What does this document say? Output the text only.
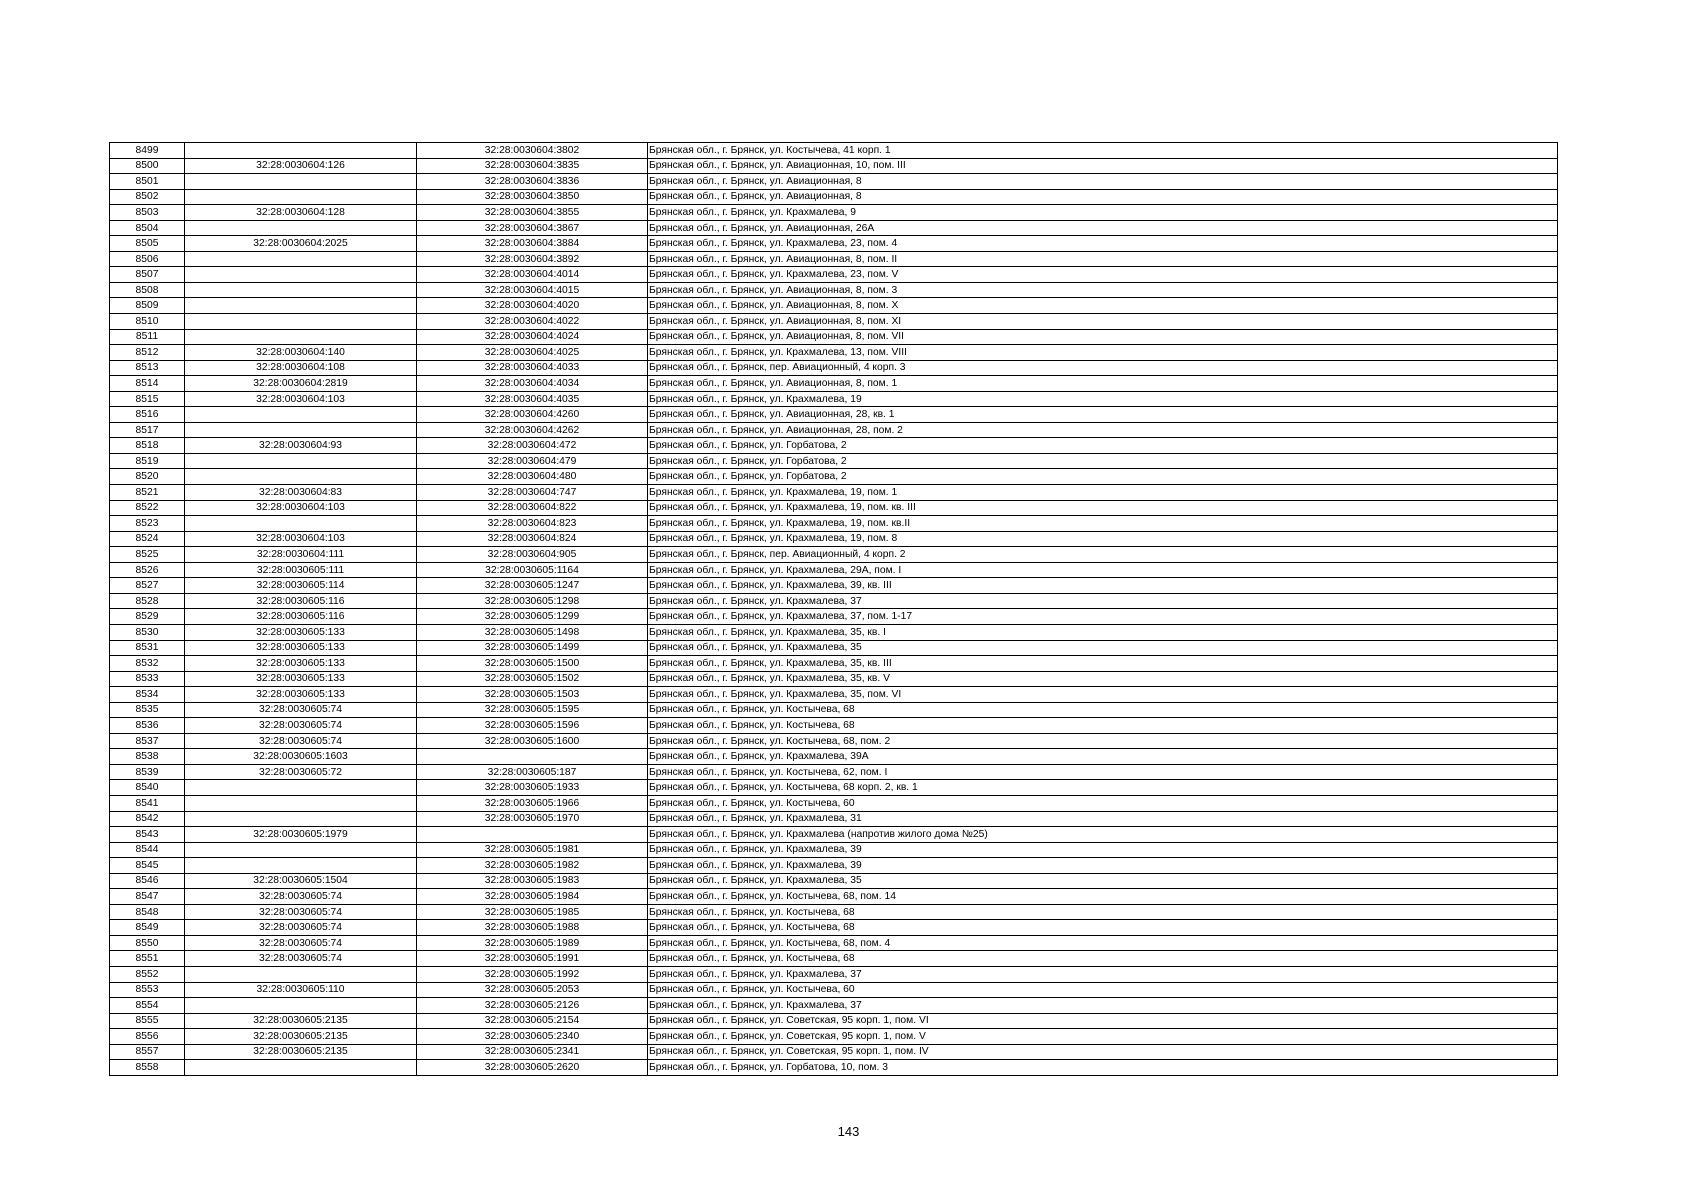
8499		32:28:0030604:3802	Брянская обл., г. Брянск, ул. Костычева, 41 корп. 1
8500	32:28:0030604:126	32:28:0030604:3835	Брянская обл., г. Брянск, ул. Авиационная, 10, пом. III
8501		32:28:0030604:3836	Брянская обл., г. Брянск, ул. Авиационная, 8
8502		32:28:0030604:3850	Брянская обл., г. Брянск, ул. Авиационная, 8
8503	32:28:0030604:128	32:28:0030604:3855	Брянская обл., г. Брянск, ул. Крахмалева, 9
8504		32:28:0030604:3867	Брянская обл., г. Брянск, ул. Авиационная, 26А
8505	32:28:0030604:2025	32:28:0030604:3884	Брянская обл., г. Брянск, ул. Крахмалева, 23, пом. 4
8506		32:28:0030604:3892	Брянская обл., г. Брянск, ул. Авиационная, 8, пом. II
8507		32:28:0030604:4014	Брянская обл., г. Брянск, ул. Крахмалева, 23, пом. V
8508		32:28:0030604:4015	Брянская обл., г. Брянск, ул. Авиационная, 8, пом. 3
8509		32:28:0030604:4020	Брянская обл., г. Брянск, ул. Авиационная, 8, пом. X
8510		32:28:0030604:4022	Брянская обл., г. Брянск, ул. Авиационная, 8, пом. XI
8511		32:28:0030604:4024	Брянская обл., г. Брянск, ул. Авиационная, 8, пом. VII
8512	32:28:0030604:140	32:28:0030604:4025	Брянская обл., г. Брянск, ул. Крахмалева, 13, пом. VIII
8513	32:28:0030604:108	32:28:0030604:4033	Брянская обл., г. Брянск, пер. Авиационный, 4 корп. 3
8514	32:28:0030604:2819	32:28:0030604:4034	Брянская обл., г. Брянск, ул. Авиационная, 8, пом. 1
8515	32:28:0030604:103	32:28:0030604:4035	Брянская обл., г. Брянск, ул. Крахмалева, 19
8516		32:28:0030604:4260	Брянская обл., г. Брянск, ул. Авиационная, 28, кв. 1
8517		32:28:0030604:4262	Брянская обл., г. Брянск, ул. Авиационная, 28, пом. 2
8518	32:28:0030604:93	32:28:0030604:472	Брянская обл., г. Брянск, ул. Горбатова, 2
8519		32:28:0030604:479	Брянская обл., г. Брянск, ул. Горбатова, 2
8520		32:28:0030604:480	Брянская обл., г. Брянск, ул. Горбатова, 2
8521	32:28:0030604:83	32:28:0030604:747	Брянская обл., г. Брянск, ул. Крахмалева, 19, пом. 1
8522	32:28:0030604:103	32:28:0030604:822	Брянская обл., г. Брянск, ул. Крахмалева, 19, пом. кв. III
8523		32:28:0030604:823	Брянская обл., г. Брянск, ул. Крахмалева, 19, пом. кв.II
8524	32:28:0030604:103	32:28:0030604:824	Брянская обл., г. Брянск, ул. Крахмалева, 19, пом. 8
8525	32:28:0030604:111	32:28:0030604:905	Брянская обл., г. Брянск, пер. Авиационный, 4 корп. 2
8526	32:28:0030605:111	32:28:0030605:1164	Брянская обл., г. Брянск, ул. Крахмалева, 29А, пом. I
8527	32:28:0030605:114	32:28:0030605:1247	Брянская обл., г. Брянск, ул. Крахмалева, 39, кв. III
8528	32:28:0030605:116	32:28:0030605:1298	Брянская обл., г. Брянск, ул. Крахмалева, 37
8529	32:28:0030605:116	32:28:0030605:1299	Брянская обл., г. Брянск, ул. Крахмалева, 37, пом. 1-17
8530	32:28:0030605:133	32:28:0030605:1498	Брянская обл., г. Брянск, ул. Крахмалева, 35, кв. I
8531	32:28:0030605:133	32:28:0030605:1499	Брянская обл., г. Брянск, ул. Крахмалева, 35
8532	32:28:0030605:133	32:28:0030605:1500	Брянская обл., г. Брянск, ул. Крахмалева, 35, кв. III
8533	32:28:0030605:133	32:28:0030605:1502	Брянская обл., г. Брянск, ул. Крахмалева, 35, кв. V
8534	32:28:0030605:133	32:28:0030605:1503	Брянская обл., г. Брянск, ул. Крахмалева, 35, пом. VI
8535	32:28:0030605:74	32:28:0030605:1595	Брянская обл., г. Брянск, ул. Костычева, 68
8536	32:28:0030605:74	32:28:0030605:1596	Брянская обл., г. Брянск, ул. Костычева, 68
8537	32:28:0030605:74	32:28:0030605:1600	Брянская обл., г. Брянск, ул. Костычева, 68, пом. 2
8538	32:28:0030605:1603		Брянская обл., г. Брянск, ул. Крахмалева, 39А
8539	32:28:0030605:72	32:28:0030605:187	Брянская обл., г. Брянск, ул. Костычева, 62, пом. I
8540		32:28:0030605:1933	Брянская обл., г. Брянск, ул. Костычева, 68 корп. 2, кв. 1
8541		32:28:0030605:1966	Брянская обл., г. Брянск, ул. Костычева, 60
8542		32:28:0030605:1970	Брянская обл., г. Брянск, ул. Крахмалева, 31
8543	32:28:0030605:1979		Брянская обл., г. Брянск, ул. Крахмалева (напротив жилого дома №25)
8544		32:28:0030605:1981	Брянская обл., г. Брянск, ул. Крахмалева, 39
8545		32:28:0030605:1982	Брянская обл., г. Брянск, ул. Крахмалева, 39
8546	32:28:0030605:1504	32:28:0030605:1983	Брянская обл., г. Брянск, ул. Крахмалева, 35
8547	32:28:0030605:74	32:28:0030605:1984	Брянская обл., г. Брянск, ул. Костычева, 68, пом. 14
8548	32:28:0030605:74	32:28:0030605:1985	Брянская обл., г. Брянск, ул. Костычева, 68
8549	32:28:0030605:74	32:28:0030605:1988	Брянская обл., г. Брянск, ул. Костычева, 68
8550	32:28:0030605:74	32:28:0030605:1989	Брянская обл., г. Брянск, ул. Костычева, 68, пом. 4
8551	32:28:0030605:74	32:28:0030605:1991	Брянская обл., г. Брянск, ул. Костычева, 68
8552		32:28:0030605:1992	Брянская обл., г. Брянск, ул. Крахмалева, 37
8553	32:28:0030605:110	32:28:0030605:2053	Брянская обл., г. Брянск, ул. Костычева, 60
8554		32:28:0030605:2126	Брянская обл., г. Брянск, ул. Крахмалева, 37
8555	32:28:0030605:2135	32:28:0030605:2154	Брянская обл., г. Брянск, ул. Советская, 95 корп. 1, пом. VI
8556	32:28:0030605:2135	32:28:0030605:2340	Брянская обл., г. Брянск, ул. Советская, 95 корп. 1, пом. V
8557	32:28:0030605:2135	32:28:0030605:2341	Брянская обл., г. Брянск, ул. Советская, 95 корп. 1, пом. IV
8558		32:28:0030605:2620	Брянская обл., г. Брянск, ул. Горбатова, 10, пом. 3
143
